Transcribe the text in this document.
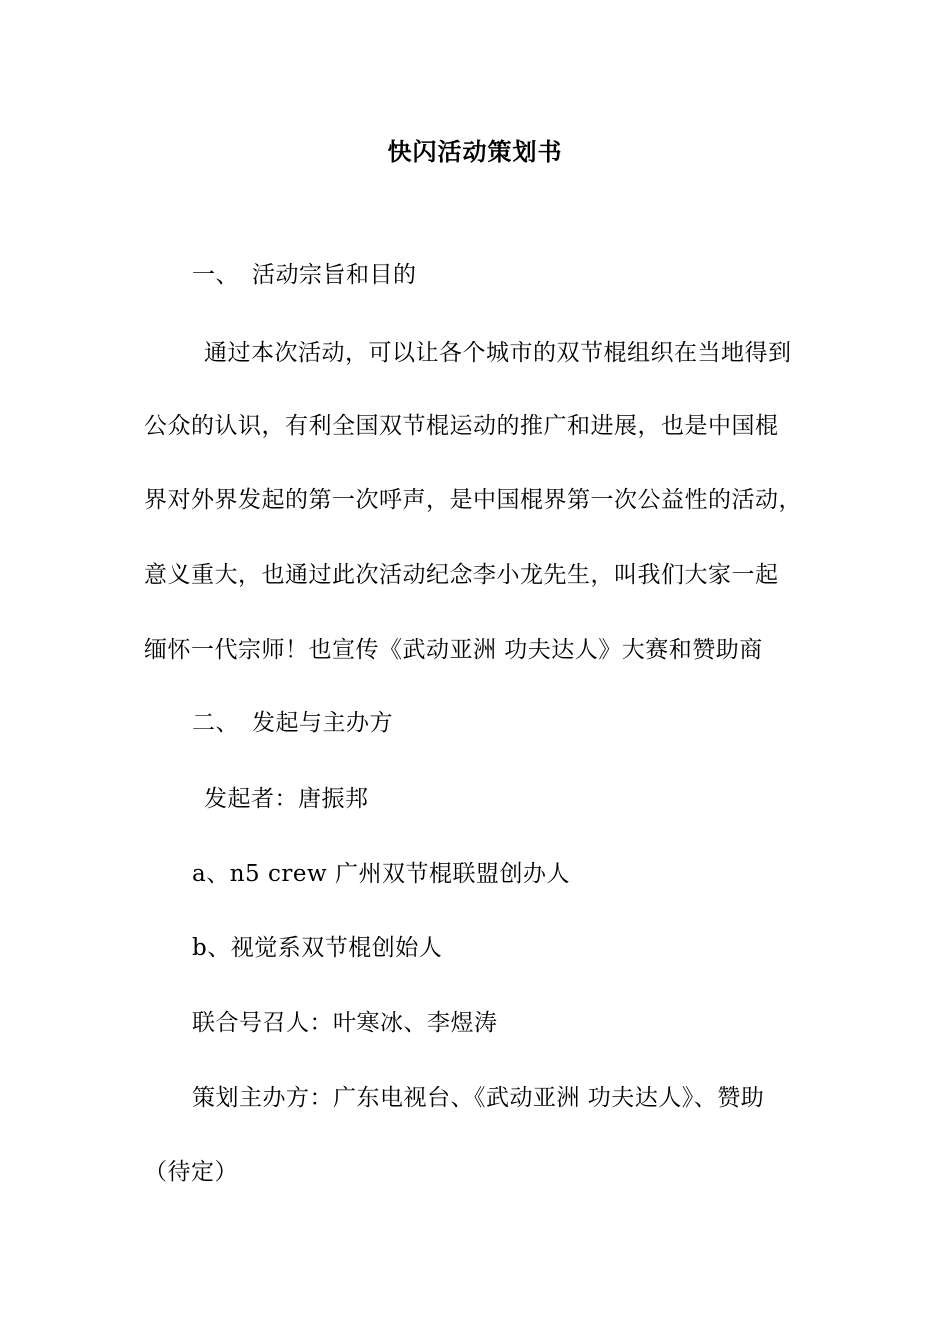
快闪活动策划书
一、 活动宗旨和目的
通过本次活动，可以让各个城市的双节棍组织在当地得到
公众的认识，有利全国双节棍运动的推广和进展，也是中国棍
界对外界发起的第一次呼声，是中国棍界第一次公益性的活动，
意义重大，也通过此次活动纪念李小龙先生，叫我们大家一起
缅怀一代宗师！也宣传《武动亚洲 功夫达人》大赛和赞助商
二、 发起与主办方
发起者：唐振邦
a、n5 crew 广州双节棍联盟创办人
b、视觉系双节棍创始人
联合号召人：叶寒冰、李煜涛
策划主办方：广东电视台、《武动亚洲 功夫达人》、赞助
（待定）
